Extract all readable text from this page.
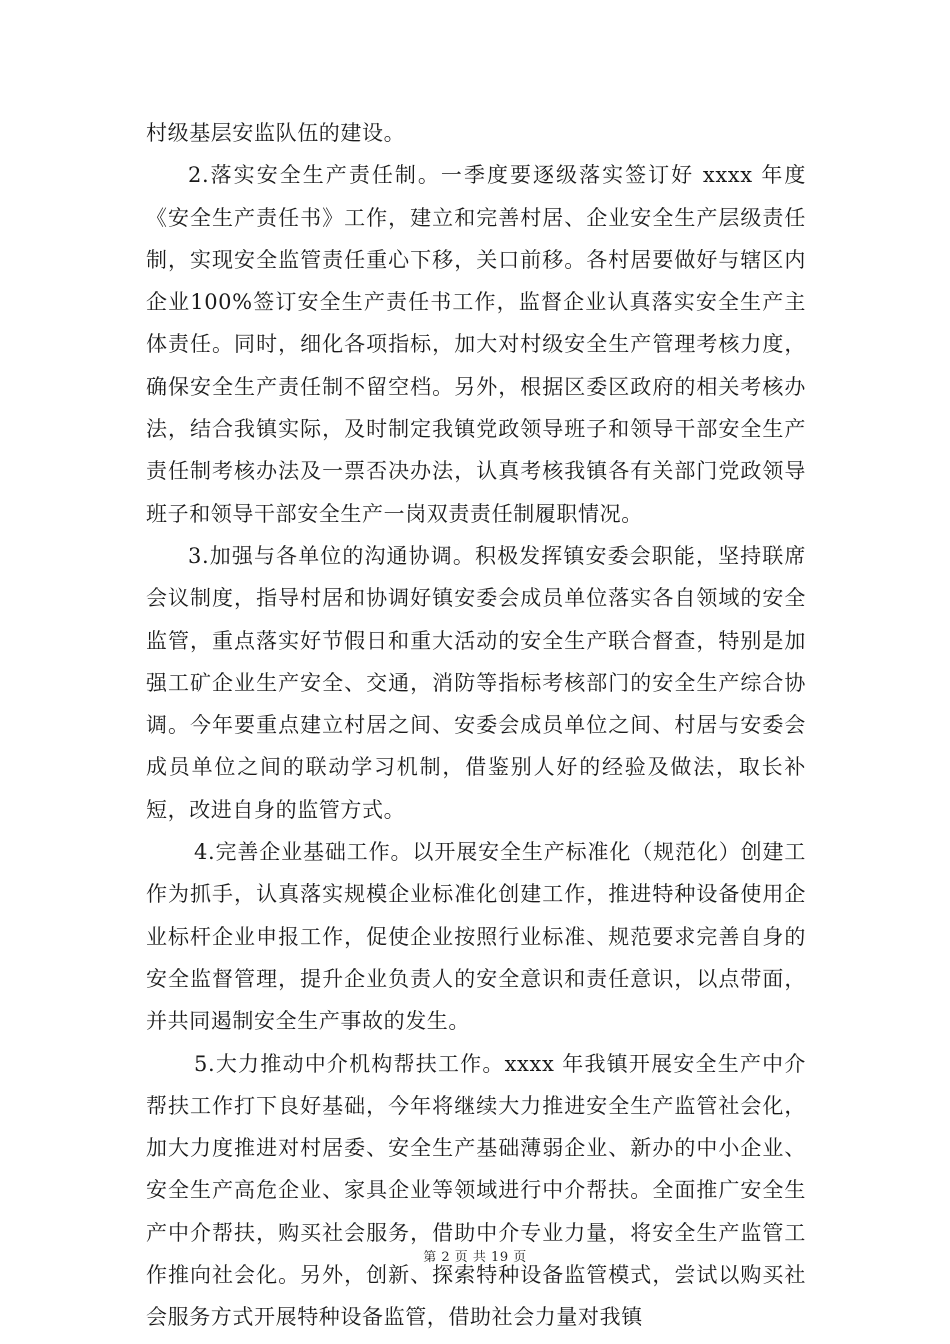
村级基层安监队伍的建设。

2.落实安全生产责任制。一季度要逐级落实签订好 xxxx 年度《安全生产责任书》工作，建立和完善村居、企业安全生产层级责任制，实现安全监管责任重心下移，关口前移。各村居要做好与辖区内企业100%签订安全生产责任书工作，监督企业认真落实安全生产主体责任。同时，细化各项指标，加大对村级安全生产管理考核力度，确保安全生产责任制不留空档。另外，根据区委区政府的相关考核办法，结合我镇实际，及时制定我镇党政领导班子和领导干部安全生产责任制考核办法及一票否决办法，认真考核我镇各有关部门党政领导班子和领导干部安全生产一岗双责责任制履职情况。

3.加强与各单位的沟通协调。积极发挥镇安委会职能，坚持联席会议制度，指导村居和协调好镇安委会成员单位落实各自领域的安全监管，重点落实好节假日和重大活动的安全生产联合督查，特别是加强工矿企业生产安全、交通，消防等指标考核部门的安全生产综合协调。今年要重点建立村居之间、安委会成员单位之间、村居与安委会成员单位之间的联动学习机制，借鉴别人好的经验及做法，取长补短，改进自身的监管方式。

4.完善企业基础工作。以开展安全生产标准化（规范化）创建工作为抓手，认真落实规模企业标准化创建工作，推进特种设备使用企业标杆企业申报工作，促使企业按照行业标准、规范要求完善自身的安全监督管理，提升企业负责人的安全意识和责任意识，以点带面，并共同遏制安全生产事故的发生。

5.大力推动中介机构帮扶工作。xxxx 年我镇开展安全生产中介帮扶工作打下良好基础，今年将继续大力推进安全生产监管社会化，加大力度推进对村居委、安全生产基础薄弱企业、新办的中小企业、安全生产高危企业、家具企业等领域进行中介帮扶。全面推广安全生产中介帮扶，购买社会服务，借助中介专业力量，将安全生产监管工作推向社会化。另外，创新、探索特种设备监管模式，尝试以购买社会服务方式开展特种设备监管，借助社会力量对我镇

第 2 页 共 19 页
